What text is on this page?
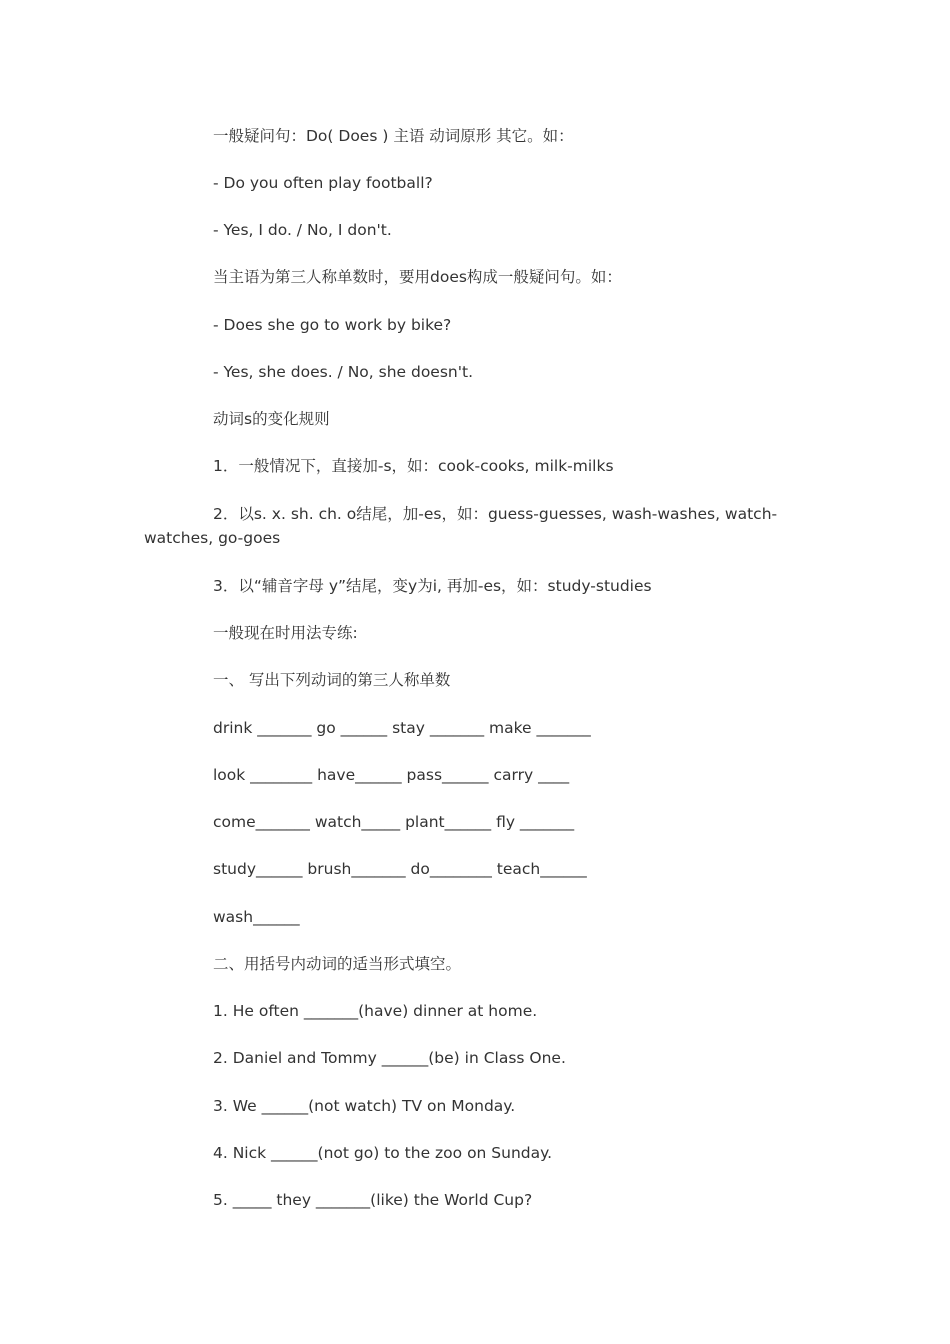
一般疑问句：Do( Does ) 主语 动词原形 其它。如：

- Do you often play football?

- Yes, I do. / No, I don't.

当主语为第三人称单数时，要用does构成一般疑问句。如：

- Does she go to work by bike?

- Yes, she does. / No, she doesn't.

动词s的变化规则

1．一般情况下，直接加-s，如：cook-cooks, milk-milks

2．以s. x. sh. ch. o结尾，加-es，如：guess-guesses, wash-washes, watch-watches, go-goes

3．以“辅音字母 y”结尾，变y为i, 再加-es，如：study-studies

一般现在时用法专练:

一、 写出下列动词的第三人称单数

drink _______ go ______ stay _______ make _______

look ________ have______ pass______ carry ____

come_______ watch_____ plant______ fly _______

study______ brush_______ do________ teach______

wash______

二、用括号内动词的适当形式填空。

1. He often _______(have) dinner at home.

2. Daniel and Tommy ______(be) in Class One.

3. We ______(not watch) TV on Monday.

4. Nick ______(not go) to the zoo on Sunday.

5. _____ they _______(like) the World Cup?
